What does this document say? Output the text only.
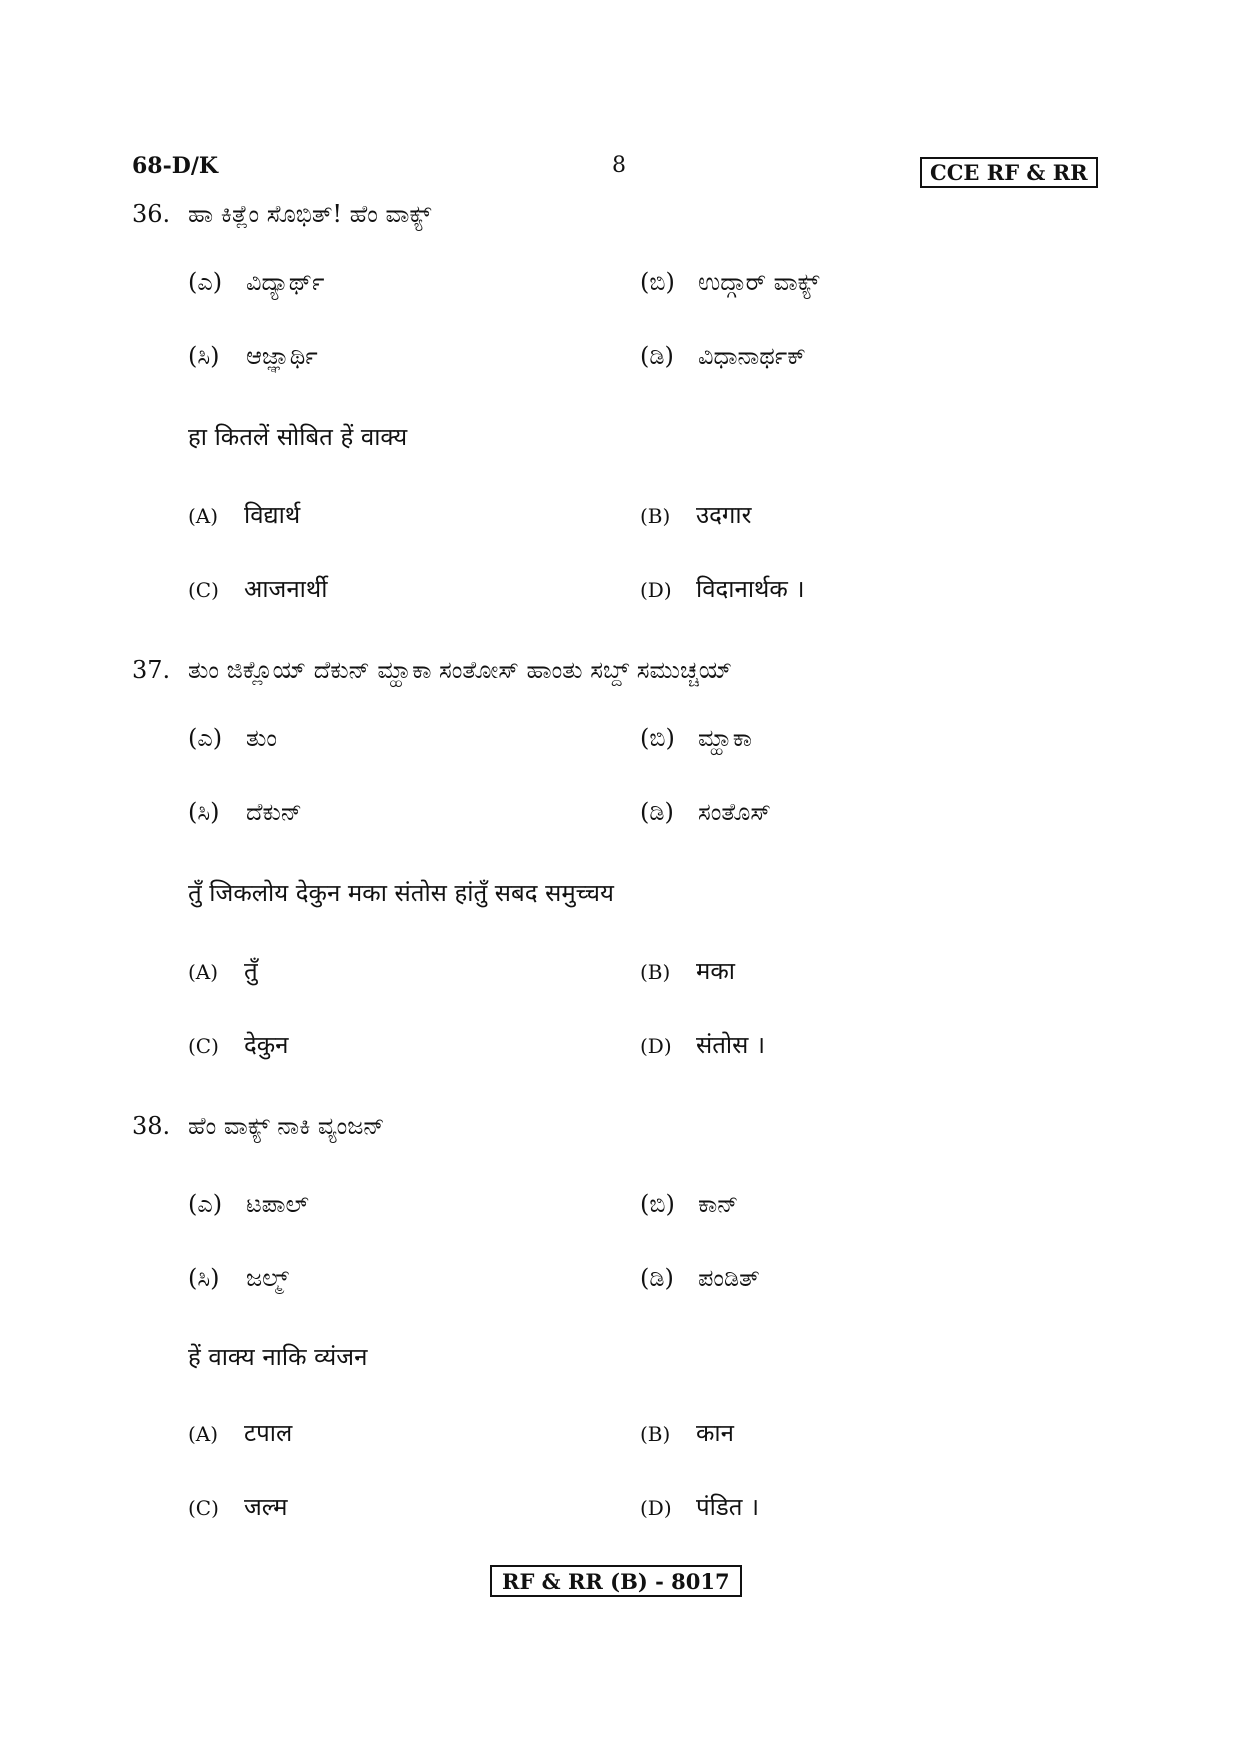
68-D/K	8	CCE RF & RR
36. ಹಾ ಕಿತ್ಲೆಂ ಸೊಭಿತ್! ಹೆಂ ವಾಕ್ಯ್
(ಎ) ವಿದ್ಯಾರ್ಥ್	(ಬಿ) ಉದ್ಗಾರ್ ವಾಕ್ಯ್
(ಸಿ) ಆಜ್ಞಾರ್ಥಿ	(ಡಿ) ವಿಧಾನಾರ್ಥಕ್
हा कितलें सोबित हें वाक्य
(A) विद्यार्थ	(B) उदगार
(C) आजनार्थी	(D) विदानार्थक ।
37. ತುಂ ಜಿಕ್ಲೊಯ್ ದೆಕುನ್ ಮ್ಹಾಕಾ ಸಂತೋಸ್ ಹಾಂತು ಸಬ್ದ್ ಸಮುಚ್ಚಯ್
(ಎ) ತುಂ	(ಬಿ) ಮ್ಹಾಕಾ
(ಸಿ) ದೆಕುನ್	(ಡಿ) ಸಂತೊಸ್
तुँ जिकलोय देकुन मका संतोस हांतुँ सबद समुच्चय
(A) तुँ	(B) मका
(C) देकुन	(D) संतोस ।
38. ಹೆಂ ವಾಕ್ಯ್ ನಾಕಿ ವ್ಯಂಜನ್
(ಎ) ಟಪಾಲ್	(ಬಿ) ಕಾನ್
(ಸಿ) ಜಲ್ಮ್	(ಡಿ) ಪಂಡಿತ್
हें वाक्य नाकि व्यंजन
(A) टपाल	(B) कान
(C) जल्म	(D) पंडित ।
RF & RR (B) - 8017
